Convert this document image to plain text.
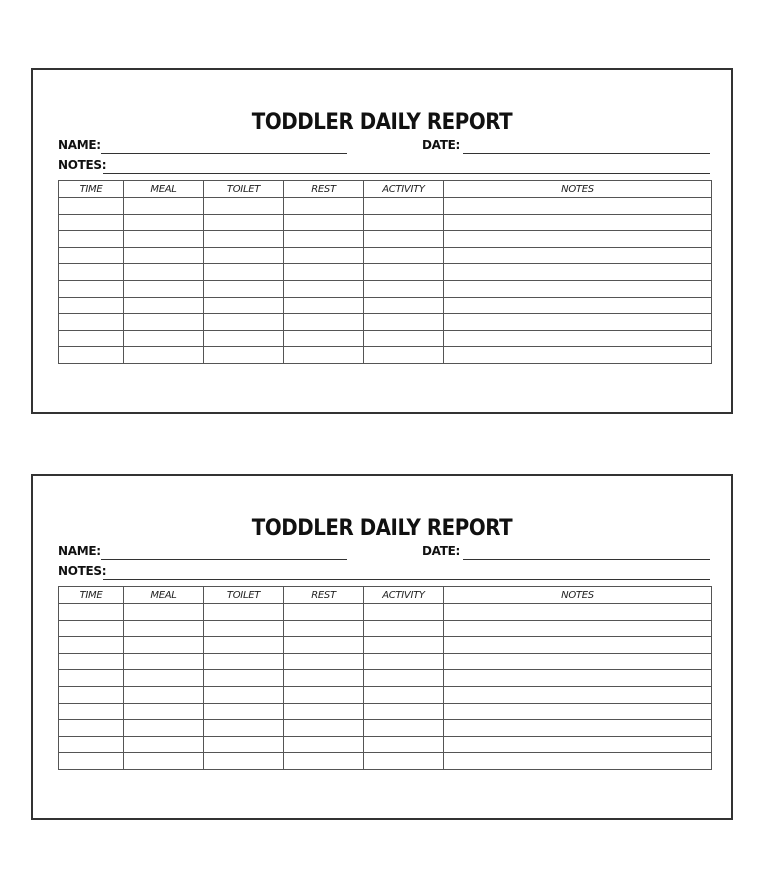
TODDLER DAILY REPORT
NAME:	DATE:
NOTES:
TIME	MEAL	TOILET	REST	ACTIVITY	NOTES

TODDLER DAILY REPORT
NAME:	DATE:
NOTES:
TIME	MEAL	TOILET	REST	ACTIVITY	NOTES
